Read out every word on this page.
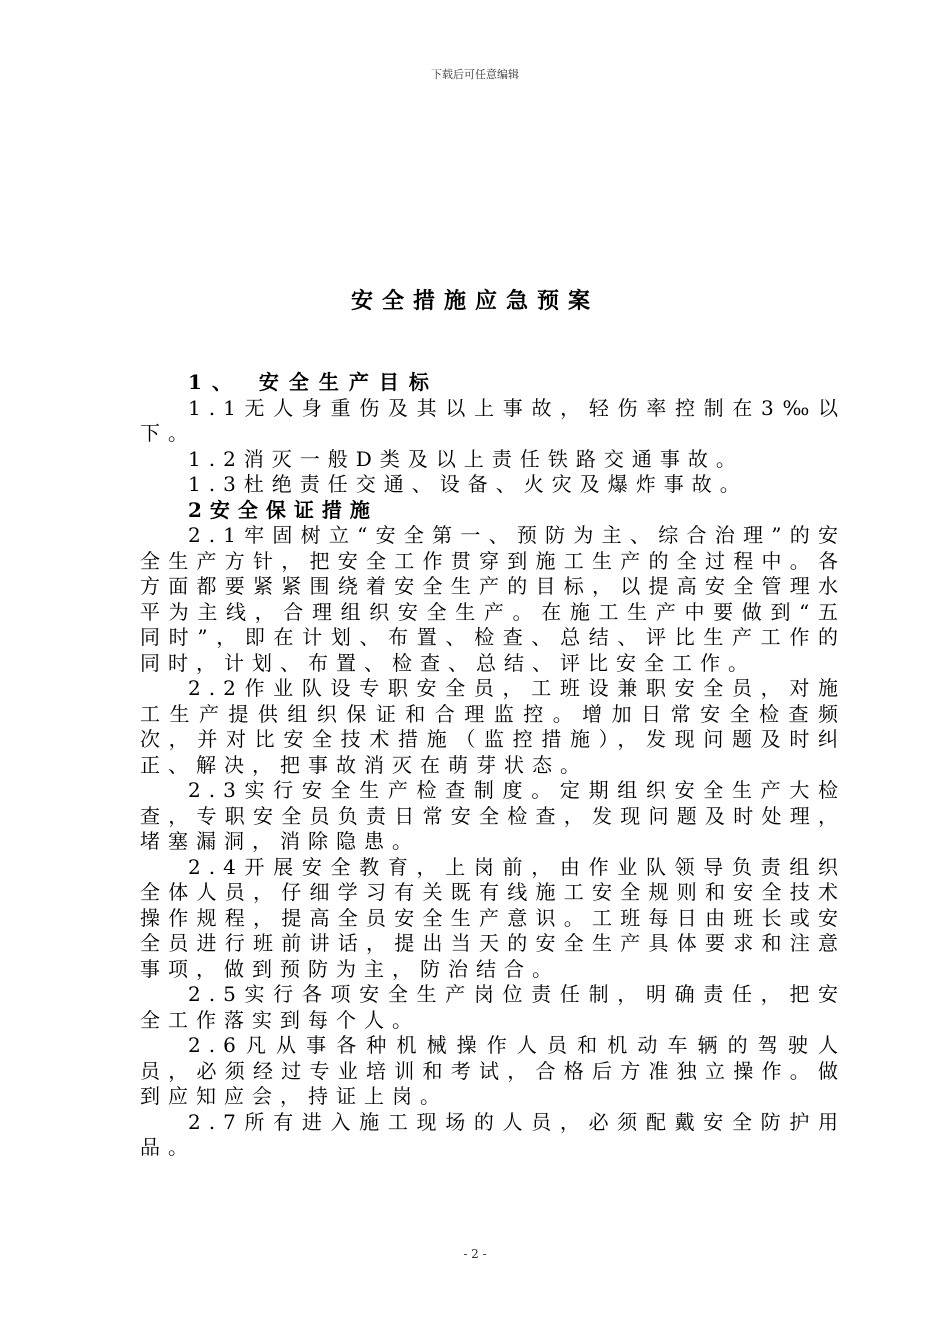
下载后可任意编辑
安全措施应急预案

1、 安全生产目标

1.1无人身重伤及其以上事故，轻伤率控制在3‰以下。

1.2消灭一般D类及以上责任铁路交通事故。

1.3杜绝责任交通、设备、火灾及爆炸事故。

2安全保证措施

2.1牢固树立“安全第一、预防为主、综合治理”的安全生产方针，把安全工作贯穿到施工生产的全过程中。各方面都要紧紧围绕着安全生产的目标，以提高安全管理水平为主线，合理组织安全生产。在施工生产中要做到“五同时”，即在计划、布置、检查、总结、评比生产工作的同时，计划、布置、检查、总结、评比安全工作。

2.2作业队设专职安全员，工班设兼职安全员，对施工生产提供组织保证和合理监控。增加日常安全检查频次，并对比安全技术措施（监控措施），发现问题及时纠正、解决，把事故消灭在萌芽状态。

2.3实行安全生产检查制度。定期组织安全生产大检查，专职安全员负责日常安全检查，发现问题及时处理，堵塞漏洞，消除隐患。

2.4开展安全教育，上岗前，由作业队领导负责组织全体人员，仔细学习有关既有线施工安全规则和安全技术操作规程，提高全员安全生产意识。工班每日由班长或安全员进行班前讲话，提出当天的安全生产具体要求和注意事项，做到预防为主，防治结合。

2.5实行各项安全生产岗位责任制，明确责任，把安全工作落实到每个人。

2.6凡从事各种机械操作人员和机动车辆的驾驶人员，必须经过专业培训和考试，合格后方准独立操作。做到应知应会，持证上岗。

2.7所有进入施工现场的人员，必须配戴安全防护用品。

- 2 -
